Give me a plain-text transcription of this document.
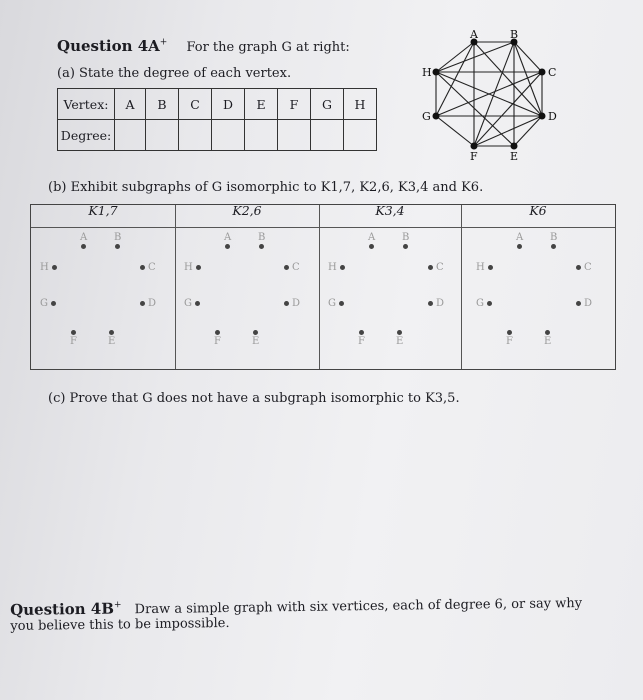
Question 4A+ For the graph G at right:
(a) State the degree of each vertex.
Vertex:	A	B	C	D	E	F	G	H
Degree:								
A	B
C
D
E
F
G
H
(b) Exhibit subgraphs of G isomorphic to K1,7, K2,6, K3,4 and K6.
K1,7	K2,6	K3,4	K6
A	B
C
D
E
F
G
H
A	B
C
D
E
F
G
H
A	B
C
D
E
F
G
H
A	B
C
D
E
F
G
H
(c) Prove that G does not have a subgraph isomorphic to K3,5.
Question 4B+ Draw a simple graph with six vertices, each of degree 6, or say why
you believe this to be impossible.
